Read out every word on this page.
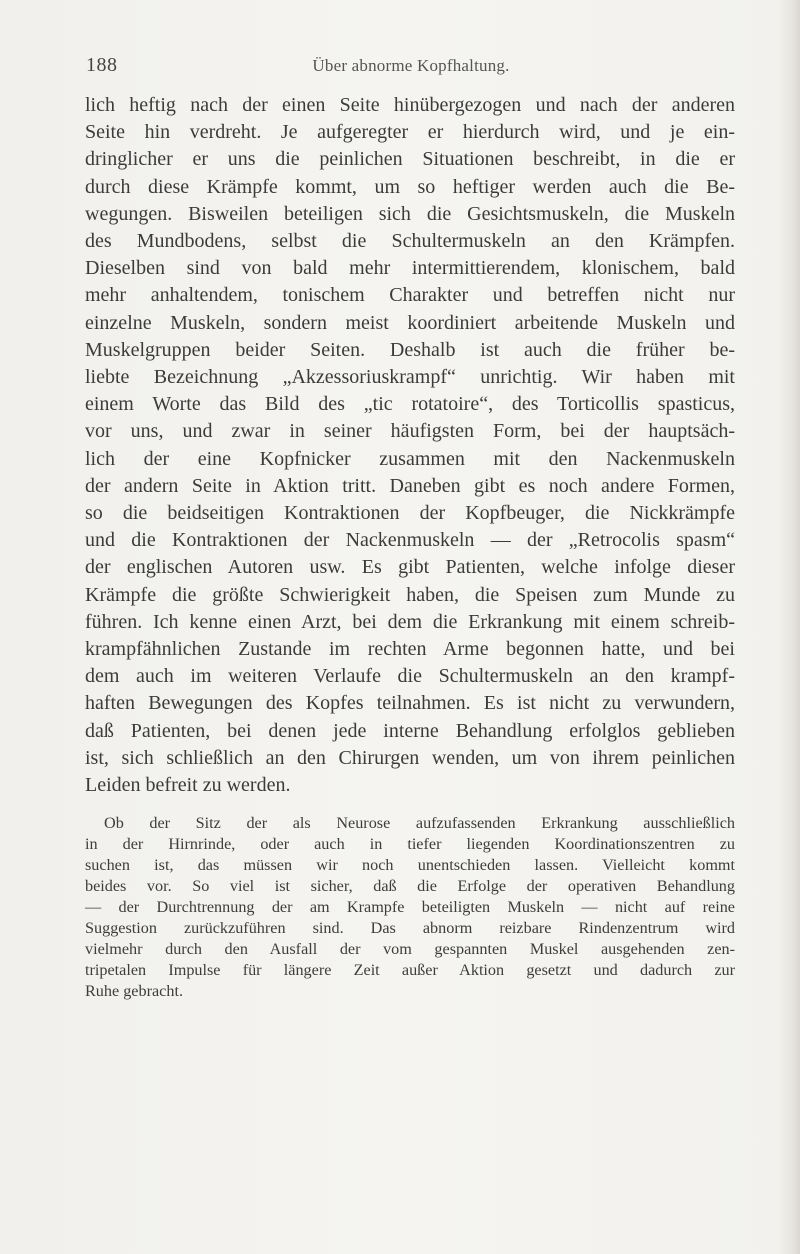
188	Über abnorme Kopfhaltung.

lich heftig nach der einen Seite hinübergezogen und nach der anderen
Seite hin verdreht. Je aufgeregter er hierdurch wird, und je ein-
dringlicher er uns die peinlichen Situationen beschreibt, in die er
durch diese Krämpfe kommt, um so heftiger werden auch die Be-
wegungen. Bisweilen beteiligen sich die Gesichtsmuskeln, die Muskeln
des Mundbodens, selbst die Schultermuskeln an den Krämpfen.
Dieselben sind von bald mehr intermittierendem, klonischem, bald
mehr anhaltendem, tonischem Charakter und betreffen nicht nur
einzelne Muskeln, sondern meist koordiniert arbeitende Muskeln und
Muskelgruppen beider Seiten. Deshalb ist auch die früher be-
liebte Bezeichnung „Akzessoriuskrampf“ unrichtig. Wir haben mit
einem Worte das Bild des „tic rotatoire“, des Torticollis spasticus,
vor uns, und zwar in seiner häufigsten Form, bei der hauptsäch-
lich der eine Kopfnicker zusammen mit den Nackenmuskeln
der andern Seite in Aktion tritt. Daneben gibt es noch andere Formen,
so die beidseitigen Kontraktionen der Kopfbeuger, die Nickkrämpfe
und die Kontraktionen der Nackenmuskeln — der „Retrocolis spasm“
der englischen Autoren usw. Es gibt Patienten, welche infolge dieser
Krämpfe die größte Schwierigkeit haben, die Speisen zum Munde zu
führen. Ich kenne einen Arzt, bei dem die Erkrankung mit einem schreib-
krampfähnlichen Zustande im rechten Arme begonnen hatte, und bei
dem auch im weiteren Verlaufe die Schultermuskeln an den krampf-
haften Bewegungen des Kopfes teilnahmen. Es ist nicht zu verwundern,
daß Patienten, bei denen jede interne Behandlung erfolglos geblieben
ist, sich schließlich an den Chirurgen wenden, um von ihrem peinlichen
Leiden befreit zu werden.

Ob der Sitz der als Neurose aufzufassenden Erkrankung ausschließlich
in der Hirnrinde, oder auch in tiefer liegenden Koordinationszentren zu
suchen ist, das müssen wir noch unentschieden lassen. Vielleicht kommt
beides vor. So viel ist sicher, daß die Erfolge der operativen Behandlung
— der Durchtrennung der am Krampfe beteiligten Muskeln — nicht auf reine
Suggestion zurückzuführen sind. Das abnorm reizbare Rindenzentrum wird
vielmehr durch den Ausfall der vom gespannten Muskel ausgehenden zen-
tripetalen Impulse für längere Zeit außer Aktion gesetzt und dadurch zur
Ruhe gebracht.
